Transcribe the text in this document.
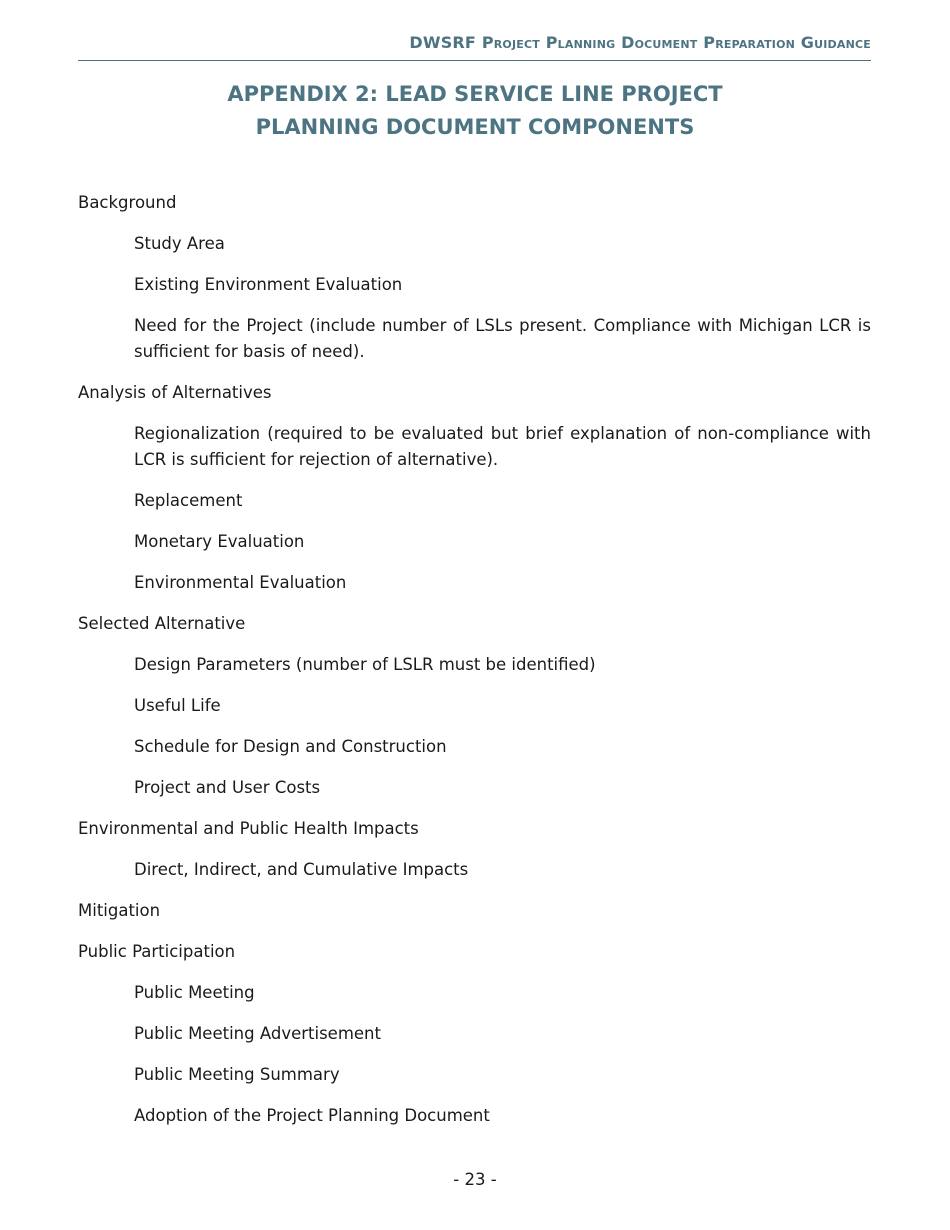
DWSRF Project Planning Document Preparation Guidance
APPENDIX 2: LEAD SERVICE LINE PROJECT
PLANNING DOCUMENT COMPONENTS

Background

Study Area

Existing Environment Evaluation

Need for the Project (include number of LSLs present. Compliance with Michigan LCR is sufficient for basis of need).

Analysis of Alternatives

Regionalization (required to be evaluated but brief explanation of non-compliance with LCR is sufficient for rejection of alternative).

Replacement

Monetary Evaluation

Environmental Evaluation

Selected Alternative

Design Parameters (number of LSLR must be identified)

Useful Life

Schedule for Design and Construction

Project and User Costs

Environmental and Public Health Impacts

Direct, Indirect, and Cumulative Impacts

Mitigation

Public Participation

Public Meeting

Public Meeting Advertisement

Public Meeting Summary

Adoption of the Project Planning Document

- 23 -
